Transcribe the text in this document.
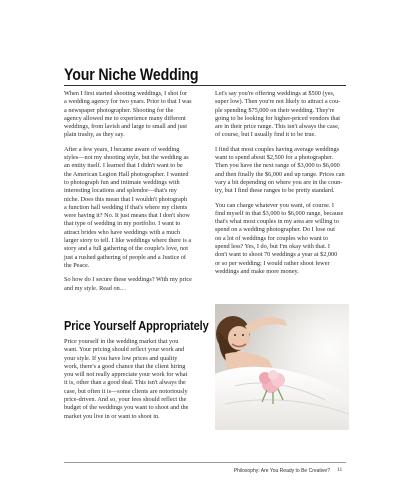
Your Niche Wedding

When I first started shooting weddings, I shot for
a wedding agency for two years. Prior to that I was
a newspaper photographer. Shooting for the
agency allowed me to experience many different
weddings, from lavish and large to small and just
plain trashy, as they say.

After a few years, I became aware of wedding
styles—not my shooting style, but the wedding as
an entity itself. I learned that I didn't want to be
the American Legion Hall photographer. I wanted
to photograph fun and intimate weddings with
interesting locations and splendor—that's my
niche. Does this mean that I wouldn't photograph
a function hall wedding if that's where my clients
were having it? No. It just means that I don't show
that type of wedding in my portfolio. I want to
attract brides who have weddings with a much
larger story to tell. I like weddings where there is a
story and a full gathering of the couple's love, not
just a rushed gathering of people and a Justice of
the Peace.

So how do I secure these weddings? With my price
and my style. Read on…

Let's say you're offering weddings at $500 (yes,
super low). Then you're not likely to attract a cou-
ple spending $75,000 on their wedding. They're
going to be looking for higher-priced vendors that
are in their price range. This isn't always the case,
of course, but I usually find it to be true.

I find that most couples having average weddings
want to spend about $2,500 for a photographer.
Then you have the next range of $3,000 to $6,000
and then finally the $6,000 and up range. Prices can
vary a bit depending on where you are in the coun-
try, but I find these ranges to be pretty standard.

You can charge whatever you want, of course. I
find myself in that $3,000 to $6,000 range, because
that's what most couples in my area are willing to
spend on a wedding photographer. Do I lose out
on a lot of weddings for couples who want to
spend less? Yes, I do, but I'm okay with that. I
don't want to shoot 70 weddings a year at $2,000
or so per wedding; I would rather shoot fewer
weddings and make more money.

Price Yourself Appropriately

Price yourself in the wedding market that you
want. Your pricing should reflect your work and
your style. If you have low prices and quality
work, there's a good chance that the client hiring
you will not really appreciate your work for what
it is, other than a good deal. This isn't always the
case, but often it is—some clients are notoriously
price-driven. And so, your fees should reflect the
budget of the weddings you want to shoot and the
market you live in or want to shoot in.

Philosophy: Are You Ready to Be Creative? 11
